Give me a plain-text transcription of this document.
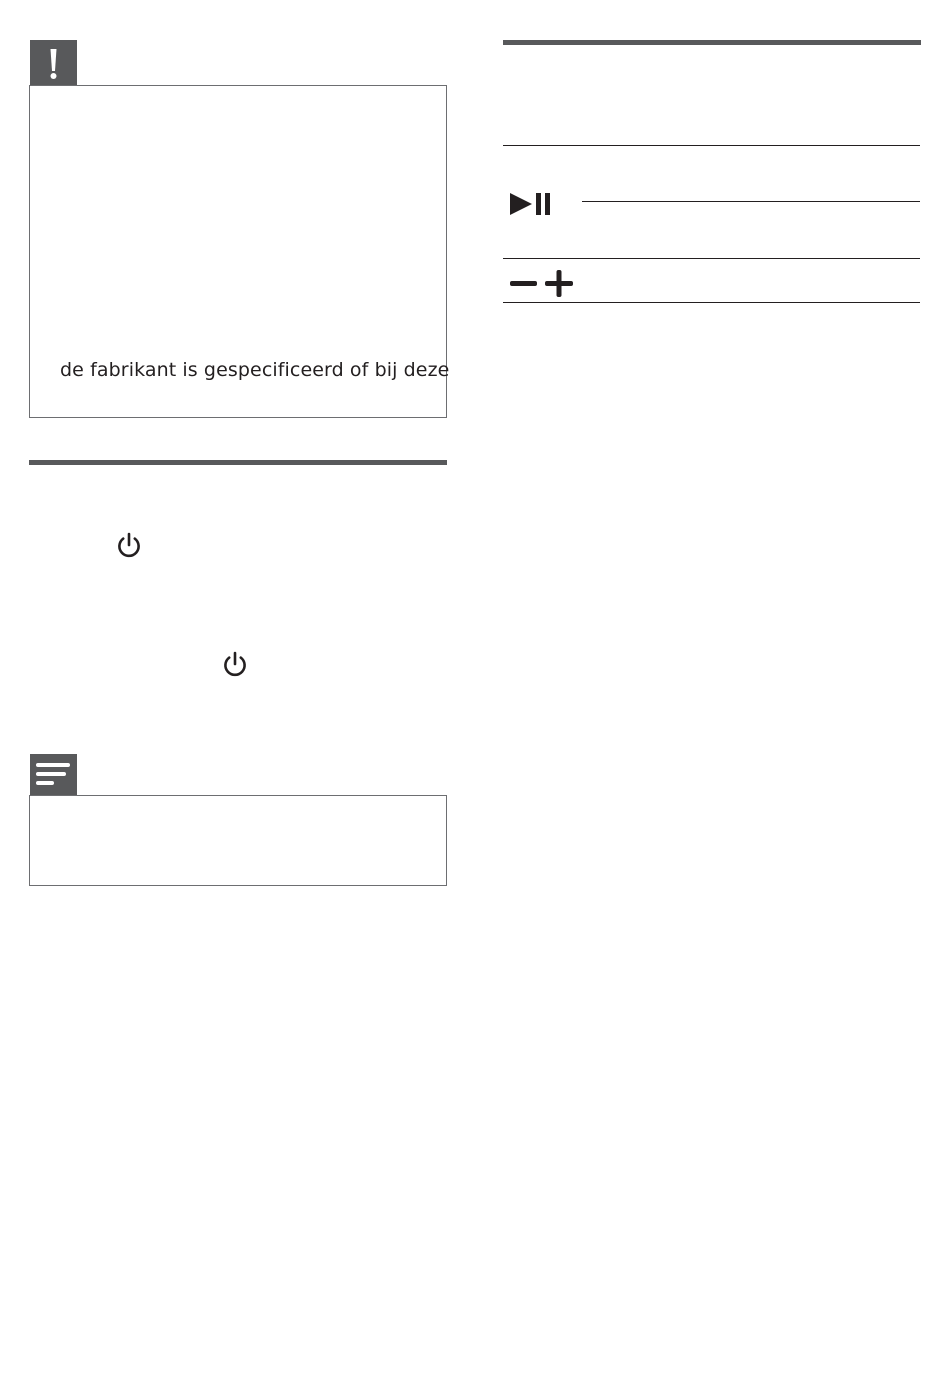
de fabrikant is gespecificeerd of bij deze
